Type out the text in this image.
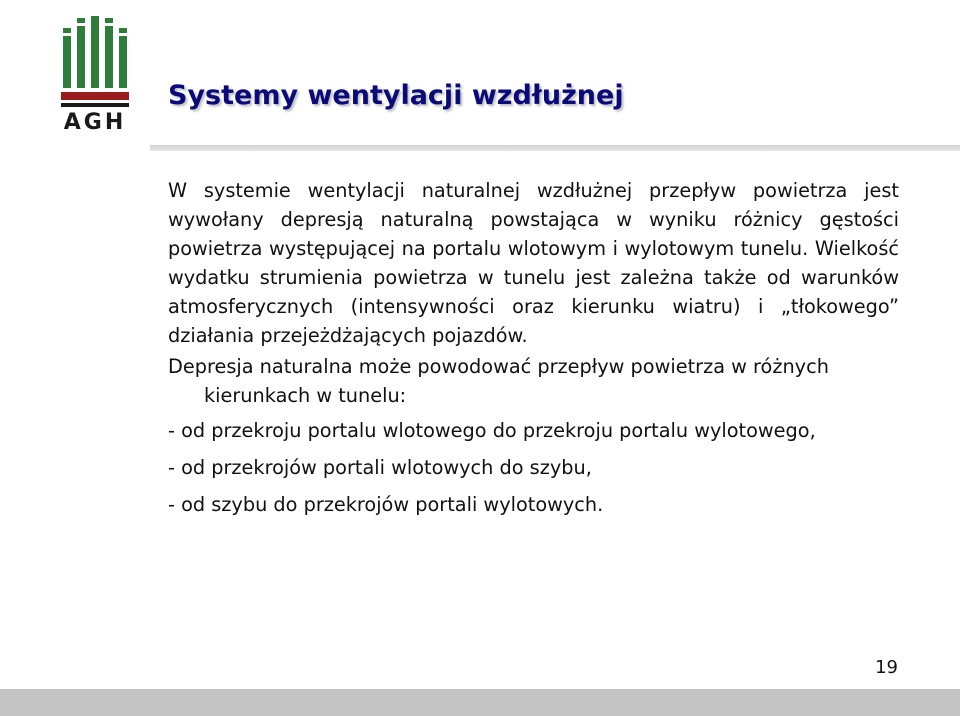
AGH
Systemy wentylacji wzdłużnej

W systemie wentylacji naturalnej wzdłużnej przepływ powietrza jest wywołany depresją naturalną powstająca w wyniku różnicy gęstości powietrza występującej na portalu wlotowym i wylotowym tunelu. Wielkość wydatku strumienia powietrza w tunelu jest zależna także od warunków atmosferycznych (intensywności oraz kierunku wiatru) i „tłokowego” działania przejeżdżających pojazdów.

Depresja naturalna może powodować przepływ powietrza w różnych kierunkach w tunelu:

- od przekroju portalu wlotowego do przekroju portalu wylotowego,

- od przekrojów portali wlotowych do szybu,

- od szybu do przekrojów portali wylotowych.

19
